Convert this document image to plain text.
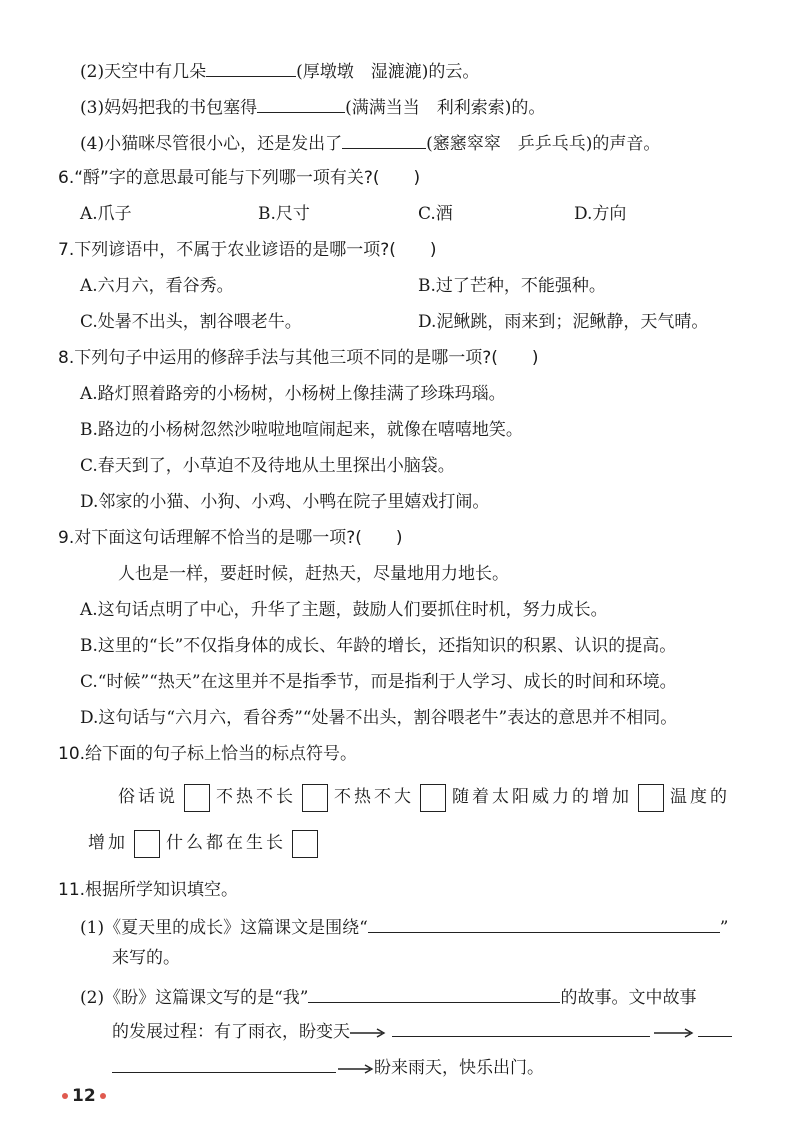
(2)天空中有几朵	(厚墩墩　湿漉漉)的云。
(3)妈妈把我的书包塞得	(满满当当　利利索索)的。
(4)小猫咪尽管很小心，还是发出了	(窸窸窣窣　乒乒乓乓)的声音。
6.“酹”字的意思最可能与下列哪一项有关?(　　)
A.爪子	B.尺寸	C.酒	D.方向
7.下列谚语中，不属于农业谚语的是哪一项?(　　)
A.六月六，看谷秀。	B.过了芒种，不能强种。
C.处暑不出头，割谷喂老牛。	D.泥鳅跳，雨来到；泥鳅静，天气晴。
8.下列句子中运用的修辞手法与其他三项不同的是哪一项?(　　)
A.路灯照着路旁的小杨树，小杨树上像挂满了珍珠玛瑙。
B.路边的小杨树忽然沙啦啦地喧闹起来，就像在嘻嘻地笑。
C.春天到了，小草迫不及待地从土里探出小脑袋。
D.邻家的小猫、小狗、小鸡、小鸭在院子里嬉戏打闹。
9.对下面这句话理解不恰当的是哪一项?(　　)
人也是一样，要赶时候，赶热天，尽量地用力地长。
A.这句话点明了中心，升华了主题，鼓励人们要抓住时机，努力成长。
B.这里的“长”不仅指身体的成长、年龄的增长，还指知识的积累、认识的提高。
C.“时候”“热天”在这里并不是指季节，而是指利于人学习、成长的时间和环境。
D.这句话与“六月六，看谷秀”“处暑不出头，割谷喂老牛”表达的意思并不相同。
10.给下面的句子标上恰当的标点符号。
俗话说 不热不长 不热不大 随着太阳威力的增加 温度的
增加 什么都在生长
11.根据所学知识填空。
(1)《夏天里的成长》这篇课文是围绕“	”
来写的。
(2)《盼》这篇课文写的是“我”	的故事。文中故事
的发展过程：有了雨衣，盼变天
盼来雨天，快乐出门。
12
